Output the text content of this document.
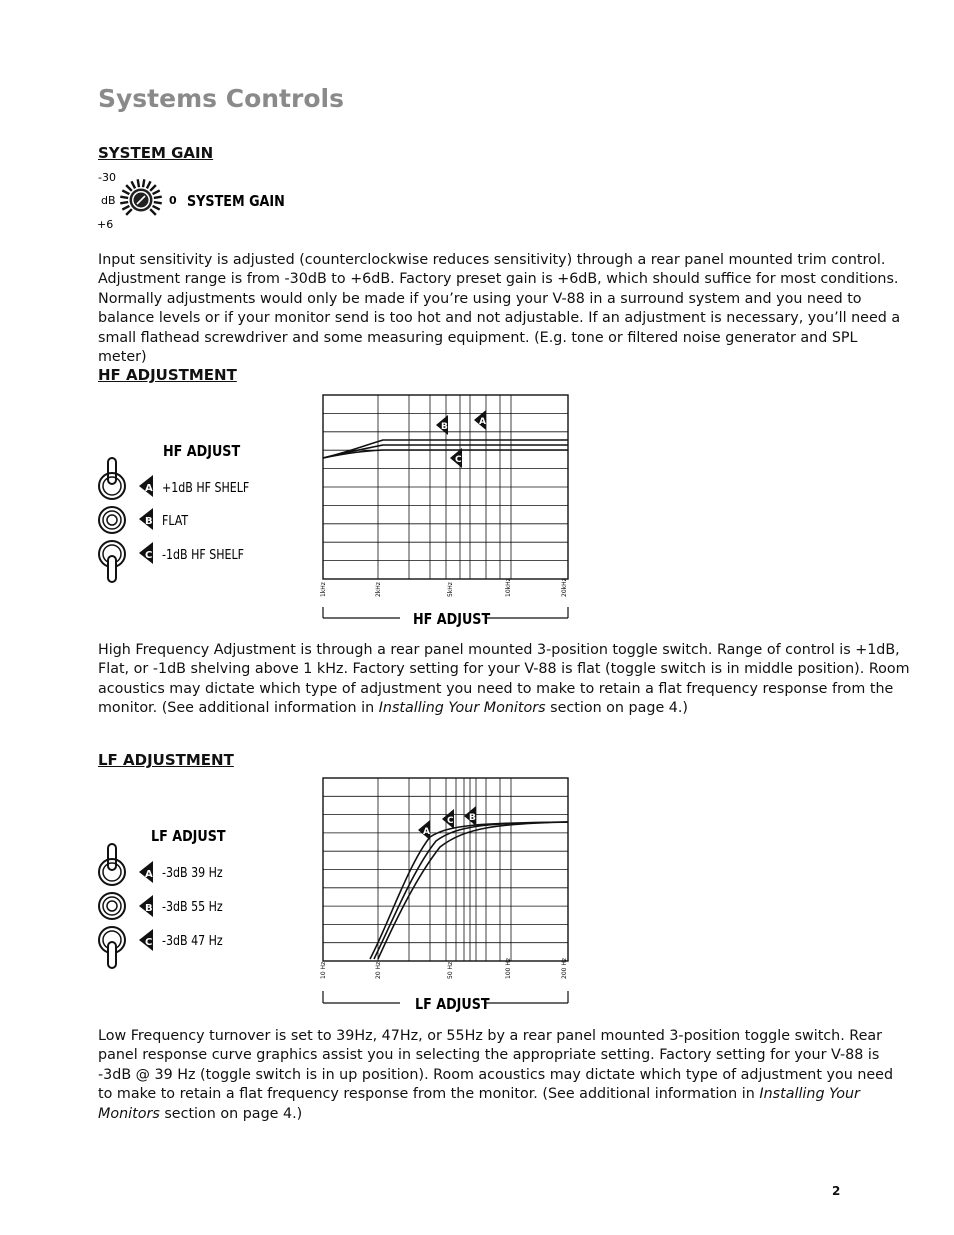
Systems Controls
SYSTEM GAIN
-30
dB
+6
0 SYSTEM GAIN

Input sensitivity is adjusted (counterclockwise reduces sensitivity) through a rear panel mounted trim control. Adjustment range is from -30dB to +6dB. Factory preset gain is +6dB, which should suffice for most conditions. Normally adjustments would only be made if you’re using your V-88 in a surround system and you need to balance levels or if your monitor send is too hot and not adjustable. If an adjustment is necessary, you’ll need a small flathead screwdriver and some measuring equipment. (E.g. tone or filtered noise generator and SPL meter)

HF ADJUSTMENT
HF ADJUST
A +1dB HF SHELF
B FLAT
C -1dB HF SHELF
A
B
C
1kHz	2kHz	5kHz	10kHz	20kHz
HF ADJUST

High Frequency Adjustment is through a rear panel mounted 3-position toggle switch. Range of control is +1dB, Flat, or -1dB shelving above 1 kHz. Factory setting for your V-88 is flat (toggle switch is in middle position). Room acoustics may dictate which type of adjustment you need to make to retain a flat frequency response from the monitor. (See additional information in Installing Your Monitors section on page 4.)

LF ADJUSTMENT
LF ADJUST
A -3dB 39 Hz
B -3dB 55 Hz
C -3dB 47 Hz
A
C B
10 Hz	20 Hz	50 Hz	100 Hz	200 Hz
LF ADJUST

Low Frequency turnover is set to 39Hz, 47Hz, or 55Hz by a rear panel mounted 3-position toggle switch. Rear panel response curve graphics assist you in selecting the appropriate setting. Factory setting for your V-88 is -3dB @ 39 Hz (toggle switch is in up position). Room acoustics may dictate which type of adjustment you need to make to retain a flat frequency response from the monitor. (See additional information in Installing Your Monitors section on page 4.)

2
